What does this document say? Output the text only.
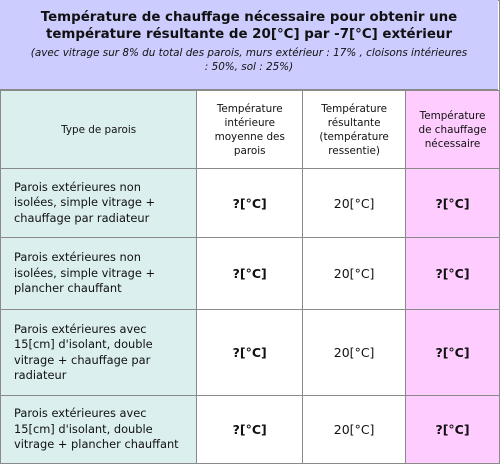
Température de chauffage nécessaire pour obtenir une température résultante de 20[°C] par -7[°C] extérieur
(avec vitrage sur 8% du total des parois, murs extérieur : 17% , cloisons intérieures : 50%, sol : 25%)
Type de parois	Température intérieure moyenne des parois	Température résultante (température ressentie)	Température de chauffage nécessaire
Parois extérieures non isolées, simple vitrage + chauffage par radiateur	?[°C]	20[°C]	?[°C]
Parois extérieures non isolées, simple vitrage + plancher chauffant	?[°C]	20[°C]	?[°C]
Parois extérieures avec 15[cm] d'isolant, double vitrage + chauffage par radiateur	?[°C]	20[°C]	?[°C]
Parois extérieures avec 15[cm] d'isolant, double vitrage + plancher chauffant	?[°C]	20[°C]	?[°C]
